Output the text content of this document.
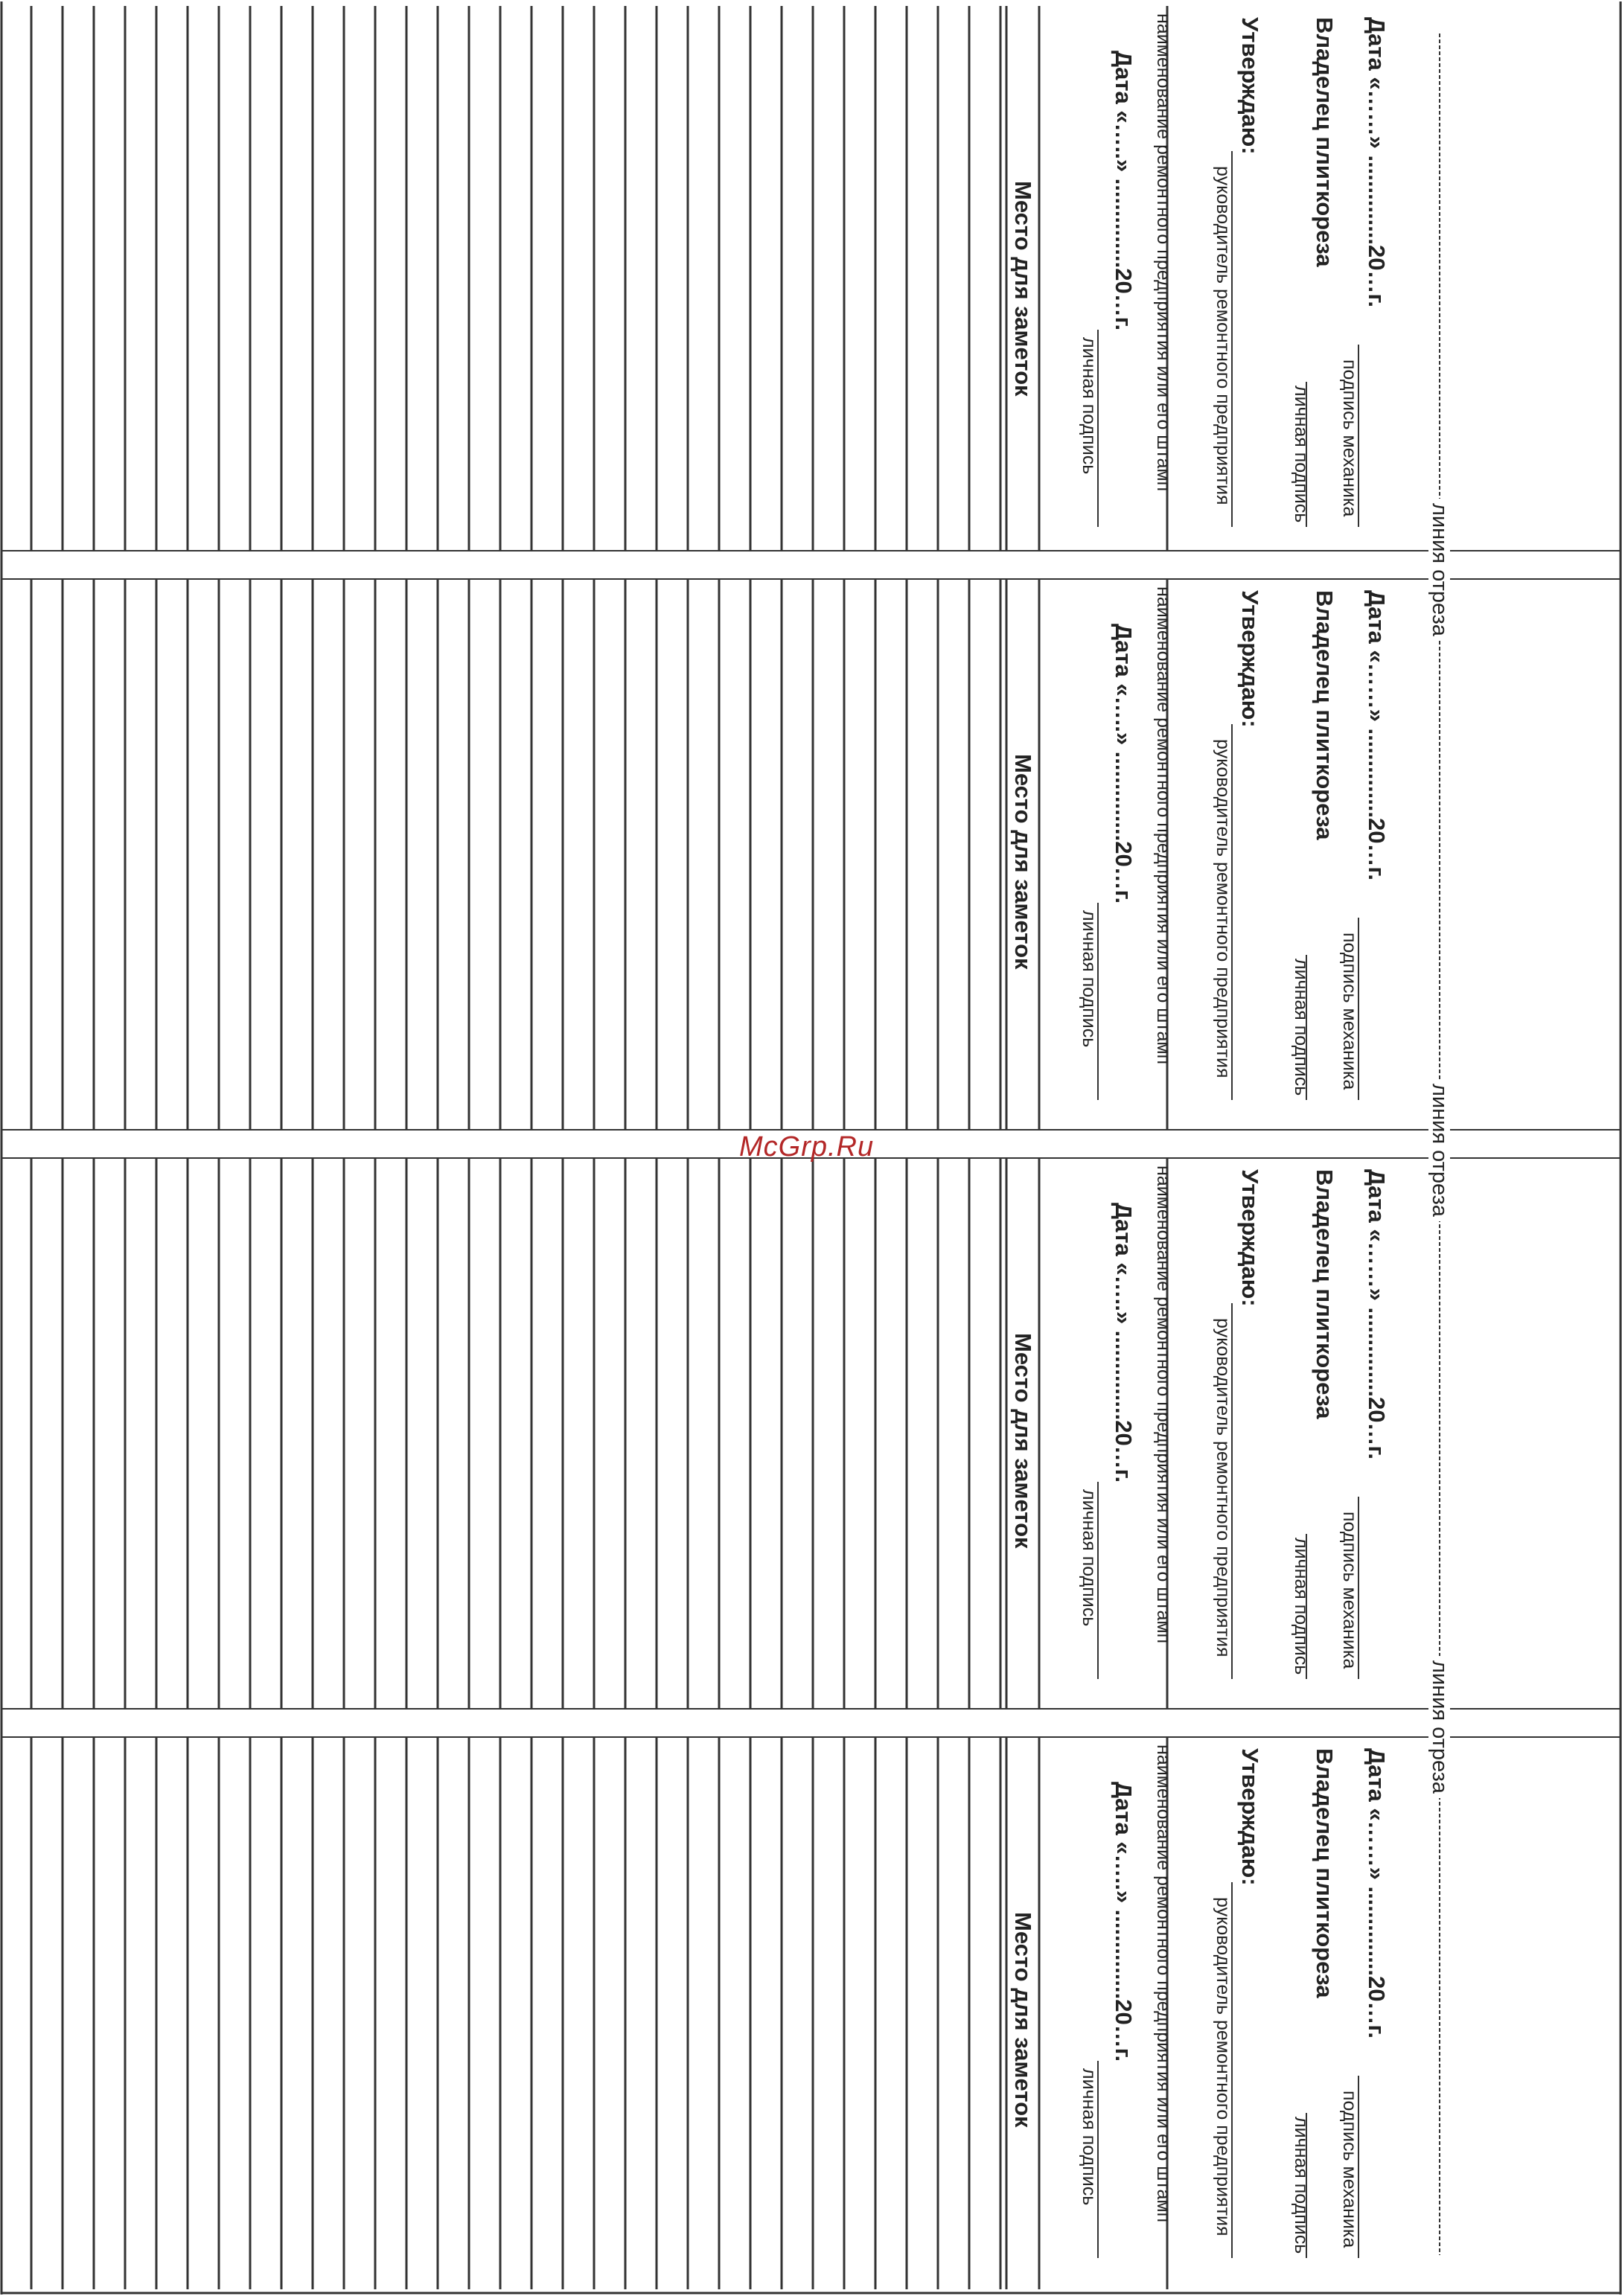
Дата «……» ..............20…г.
подпись механика
Владелец плиткореза
личная подпись
Утверждаю:
руководитель ремонтного предприятия
наименование ремонтного предприятия или его штамп
Дата «…..» ..............20…г.
личная подпись
Место для заметок
Дата «……» ..............20…г.
подпись механика
Владелец плиткореза
личная подпись
Утверждаю:
руководитель ремонтного предприятия
наименование ремонтного предприятия или его штамп
Дата «…..» ..............20…г.
личная подпись
Место для заметок
Дата «……» ..............20…г.
подпись механика
Владелец плиткореза
личная подпись
Утверждаю:
руководитель ремонтного предприятия
наименование ремонтного предприятия или его штамп
Дата «…..» ..............20…г.
личная подпись
Место для заметок
Дата «……» ..............20…г.
подпись механика
Владелец плиткореза
личная подпись
Утверждаю:
руководитель ремонтного предприятия
наименование ремонтного предприятия или его штамп
Дата «…..» ..............20…г.
личная подпись
Место для заметок
линия отреза
линия отреза
линия отреза
McGrp.Ru
